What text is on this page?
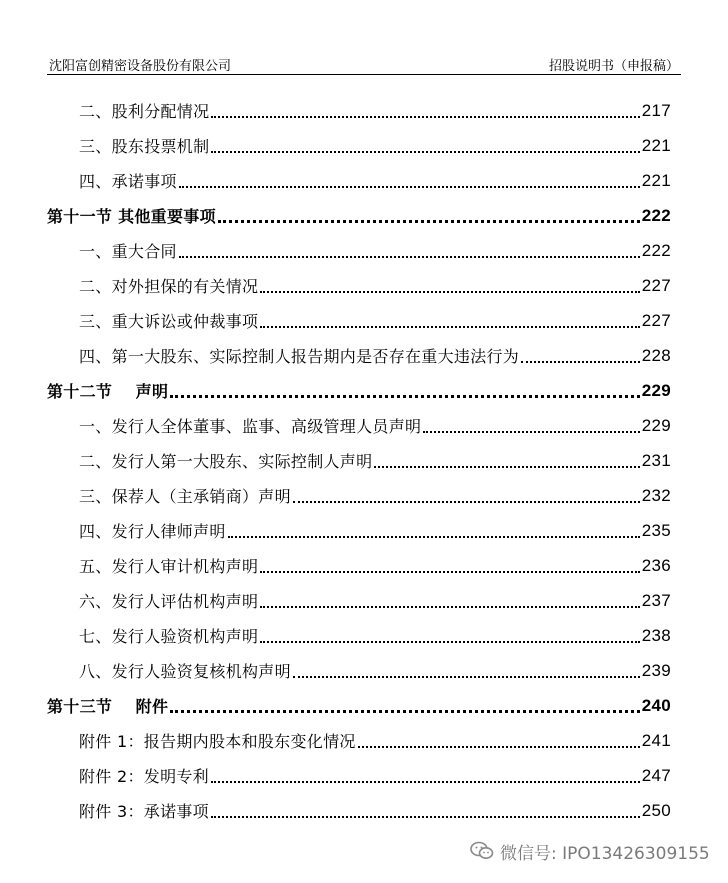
沈阳富创精密设备股份有限公司	招股说明书（申报稿）
二、股利分配情况	217
三、股东投票机制	221
四、承诺事项	221
第十一节 其他重要事项	222
一、重大合同	222
二、对外担保的有关情况	227
三、重大诉讼或仲裁事项	227
四、第一大股东、实际控制人报告期内是否存在重大违法行为	228
第十二节    声明	229
一、发行人全体董事、监事、高级管理人员声明	229
二、发行人第一大股东、实际控制人声明	231
三、保荐人（主承销商）声明	232
四、发行人律师声明	235
五、发行人审计机构声明	236
六、发行人评估机构声明	237
七、发行人验资机构声明	238
八、发行人验资复核机构声明	239
第十三节    附件	240
附件 1：报告期内股本和股东变化情况	241
附件 2：发明专利	247
附件 3：承诺事项	250
微信号: IPO13426309155
